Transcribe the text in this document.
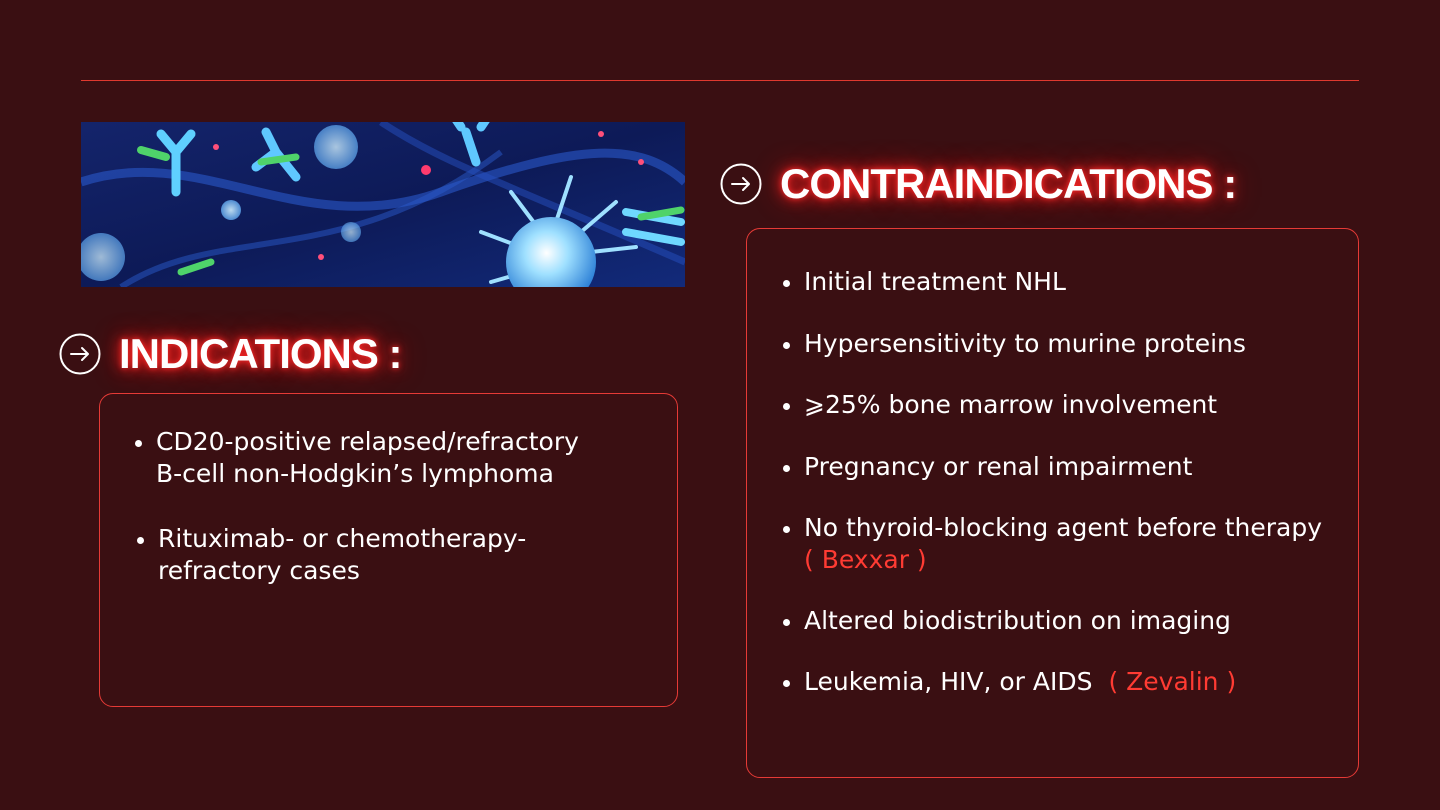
INDICATIONS :
CD20-positive relapsed/refractory
B-cell non-Hodgkin’s lymphoma
Rituximab- or chemotherapy-
refractory cases
CONTRAINDICATIONS :
Initial treatment NHL
Hypersensitivity to murine proteins
⩾25% bone marrow involvement
Pregnancy or renal impairment
No thyroid-blocking agent before therapy
( Bexxar )
Altered biodistribution on imaging
Leukemia, HIV, or AIDS ( Zevalin )
